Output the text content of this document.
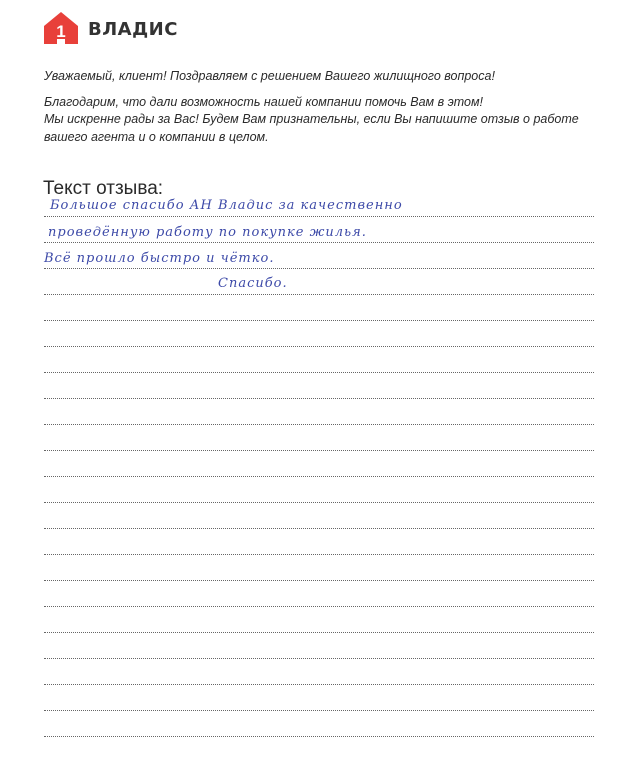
1 ВЛАДИС

Уважаемый, клиент! Поздравляем с решением Вашего жилищного вопроса!

Благодарим, что дали возможность нашей компании помочь Вам в этом!

Мы искренне рады за Вас! Будем Вам признательны, если Вы напишите отзыв о работе

вашего агента и о компании в целом.

Текст отзыва:
Большое спасибо АН Владис за качественно
проведённую работу по покупке жилья.
Всё прошло быстро и чётко.
Спасибо.
